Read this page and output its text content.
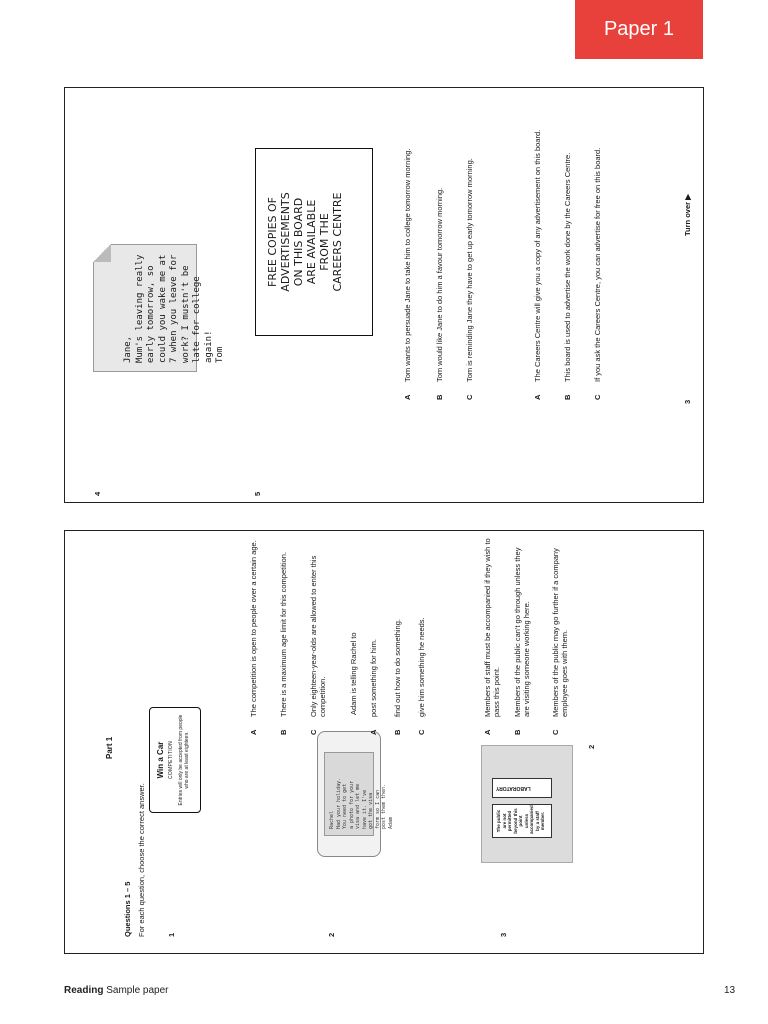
Paper 1
4

Jane,
Mum's leaving really
early tomorrow, so
could you wake me at
7 when you leave for
work? I mustn't be
late for college again!
Tom

A
Tom wants to persuade Jane to take him to college tomorrow morning.
B
Tom would like Jane to do him a favour tomorrow morning.
C
Tom is reminding Jane they have to get up early tomorrow morning.
5
FREE COPIES OF
ADVERTISEMENTS
ON THIS BOARD
ARE AVAILABLE
FROM THE
CAREERS CENTRE
A
The Careers Centre will give you a copy of any advertisement on this board.
B
This board is used to advertise the work done by the Careers Centre.
C
If you ask the Careers Centre, you can advertise for free on this board.
3
Turn over ▶
Part 1
Questions 1 – 5 For each question, choose the correct answer.	1
Win a Car COMPETITION Entries will only be accepted from people who are at least eighteen.	A
The competition is open to people over a certain age.
B
There is a maximum age limit for this competition.
C
Only eighteen-year-olds are allowed to enter this competition.
2
Rachel
Had your holiday.
You need to get
a photo for your
visa and let me
have it. I've
got the visa
form so I can
post them then.
Adam
Adam is telling Rachel to
A
post something for him.
B
find out how to do something.
C
give him something he needs.
3
LABORATORY
The public are not permitted beyond this point unless accompanied by a staff member.
A
Members of staff must be accompanied if they wish to pass this point.
B
Members of the public can't go through unless they are visiting someone working here.
C
Members of the public may go further if a company employee goes with them.
2
Reading Sample paper	13
